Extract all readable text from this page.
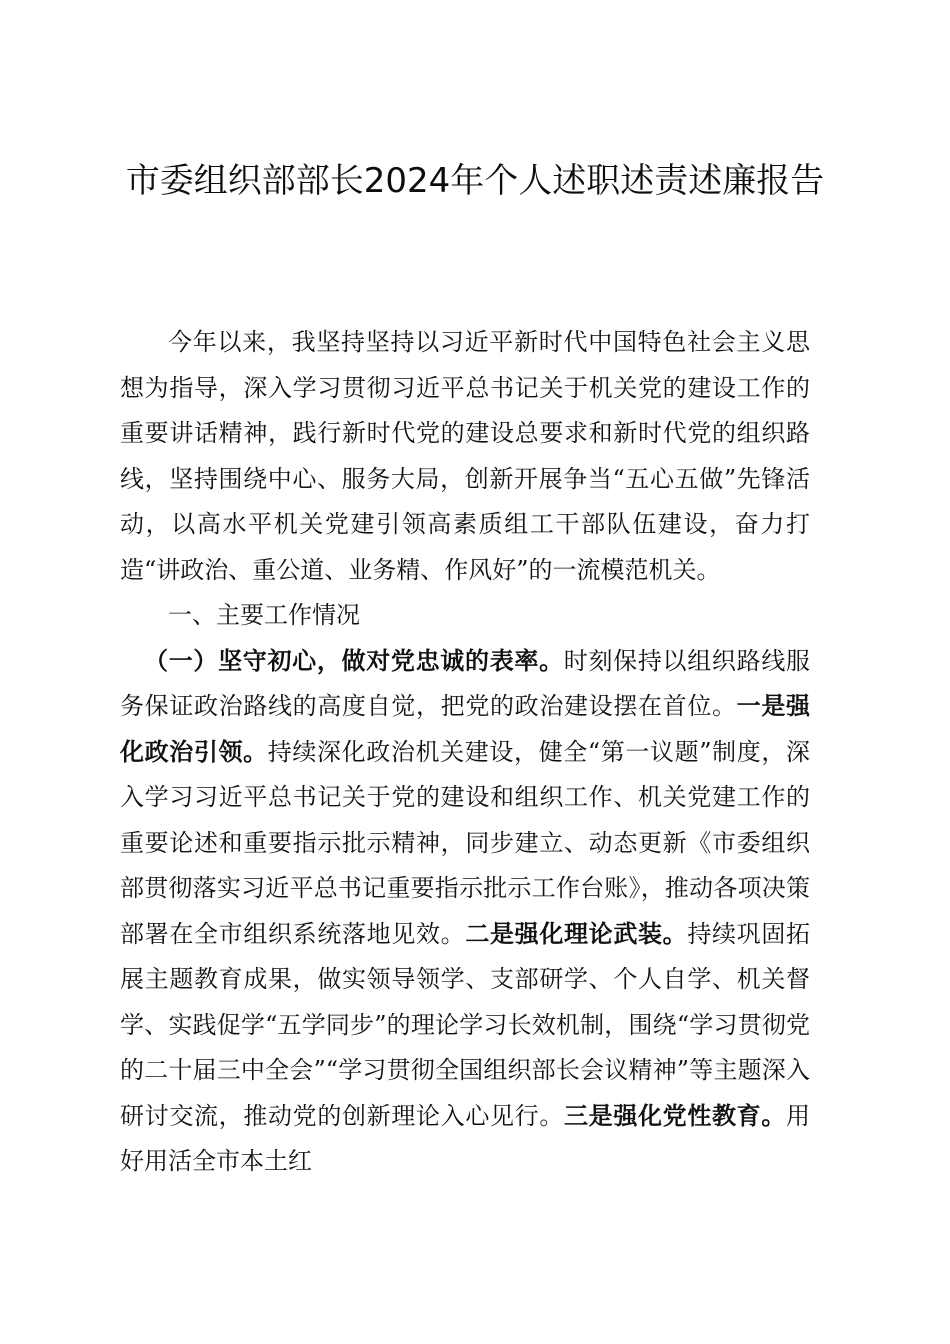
市委组织部部长2024年个人述职述责述廉报告

今年以来，我坚持坚持以习近平新时代中国特色社会主义思想为指导，深入学习贯彻习近平总书记关于机关党的建设工作的重要讲话精神，践行新时代党的建设总要求和新时代党的组织路线，坚持围绕中心、服务大局，创新开展争当“五心五做”先锋活动，以高水平机关党建引领高素质组工干部队伍建设，奋力打造“讲政治、重公道、业务精、作风好”的一流模范机关。

一、主要工作情况

（一）坚守初心，做对党忠诚的表率。时刻保持以组织路线服务保证政治路线的高度自觉，把党的政治建设摆在首位。一是强化政治引领。持续深化政治机关建设，健全“第一议题”制度，深入学习习近平总书记关于党的建设和组织工作、机关党建工作的重要论述和重要指示批示精神，同步建立、动态更新《市委组织部贯彻落实习近平总书记重要指示批示工作台账》，推动各项决策部署在全市组织系统落地见效。二是强化理论武装。持续巩固拓展主题教育成果，做实领导领学、支部研学、个人自学、机关督学、实践促学“五学同步”的理论学习长效机制，围绕“学习贯彻党的二十届三中全会”“学习贯彻全国组织部长会议精神”等主题深入研讨交流，推动党的创新理论入心见行。三是强化党性教育。用好用活全市本土红
